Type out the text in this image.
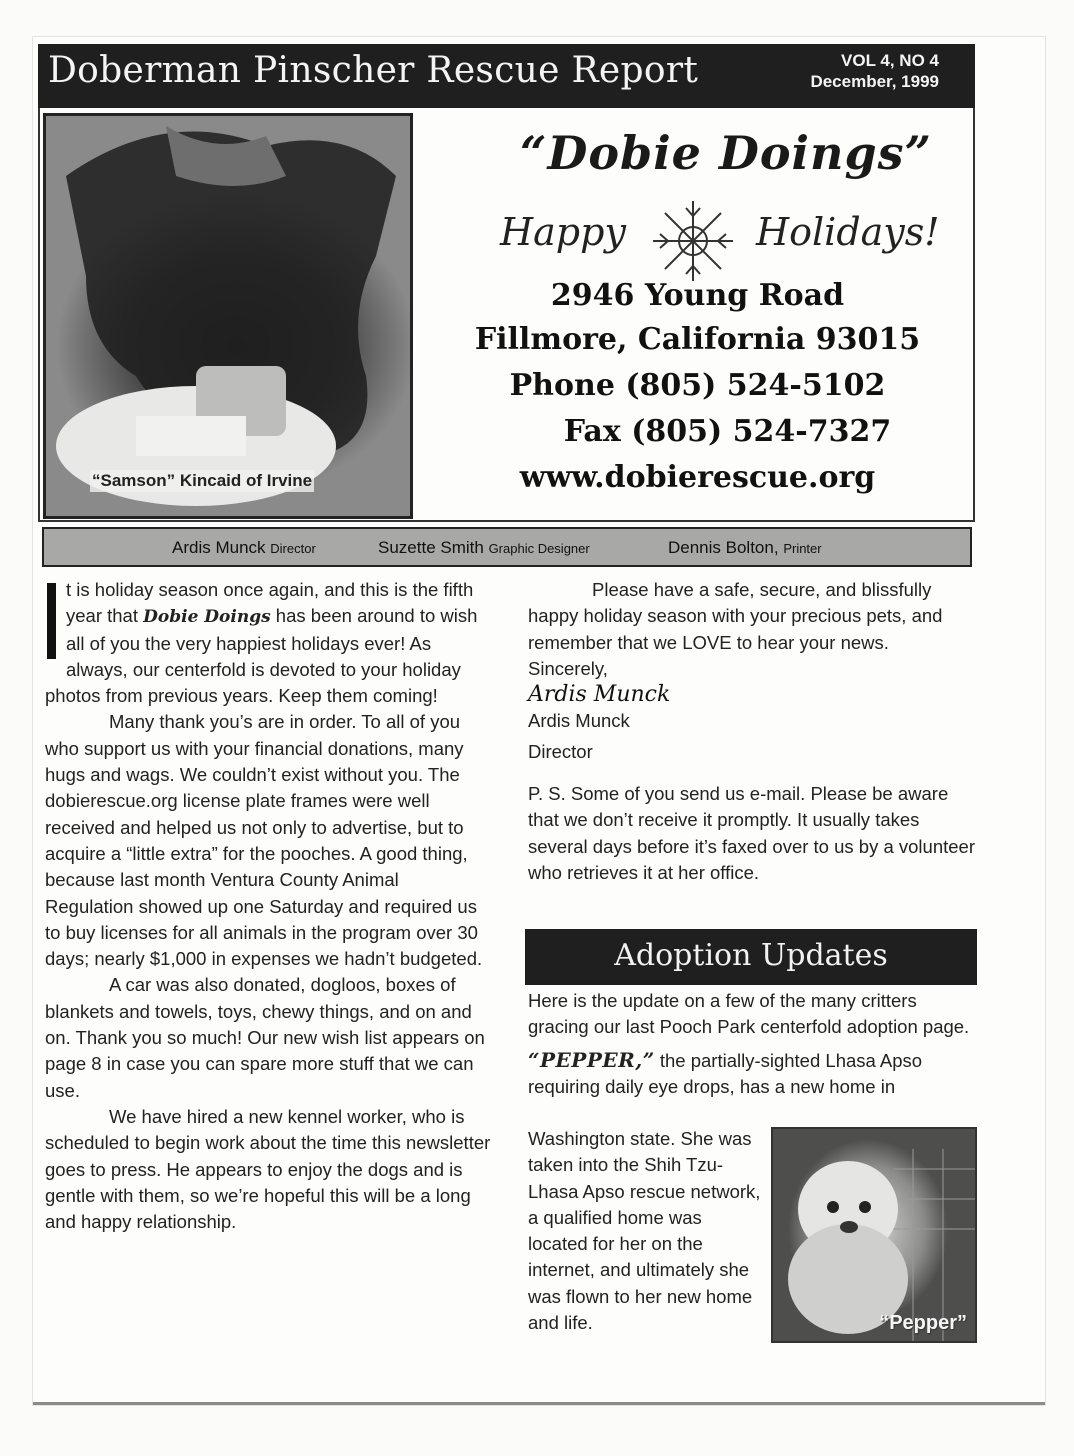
Doberman Pinscher Rescue Report	VOL 4, NO 4
December, 1999
“Samson” Kincaid of Irvine
“Dobie Doings”
Happy	Holidays!
2946 Young Road
Fillmore, California 93015
Phone (805) 524-5102
Fax (805) 524-7327
www.dobierescue.org
Ardis Munck Director	Suzette Smith Graphic Designer	Dennis Bolton, Printer

t is holiday season once again, and this is the fifth year that Dobie Doings has been around to wish all of you the very happiest holidays ever! As always, our centerfold is devoted to your holiday photos from previous years. Keep them coming!

Many thank you’s are in order. To all of you who support us with your financial donations, many hugs and wags. We couldn’t exist without you. The dobierescue.org license plate frames were well received and helped us not only to advertise, but to acquire a “little extra” for the pooches. A good thing, because last month Ventura County Animal Regulation showed up one Saturday and required us to buy licenses for all animals in the program over 30 days; nearly $1,000 in expenses we hadn’t budgeted.

A car was also donated, dogloos, boxes of blankets and towels, toys, chewy things, and on and on. Thank you so much! Our new wish list appears on page 8 in case you can spare more stuff that we can use.

We have hired a new kennel worker, who is scheduled to begin work about the time this newsletter goes to press. He appears to enjoy the dogs and is gentle with them, so we’re hopeful this will be a long and happy relationship.

Please have a safe, secure, and blissfully happy holiday season with your precious pets, and remember that we LOVE to hear your news.

Sincerely,

Ardis Munck

Ardis Munck

Director

P. S. Some of you send us e-mail. Please be aware that we don’t receive it promptly. It usually takes several days before it’s faxed over to us by a volunteer who retrieves it at her office.

Adoption Updates

Here is the update on a few of the many critters gracing our last Pooch Park centerfold adoption page.

“PEPPER,” the partially-sighted Lhasa Apso requiring daily eye drops, has a new home in

Washington state. She was taken into the Shih Tzu-Lhasa Apso rescue network, a qualified home was located for her on the internet, and ultimately she was flown to her new home and life.	“Pepper”
